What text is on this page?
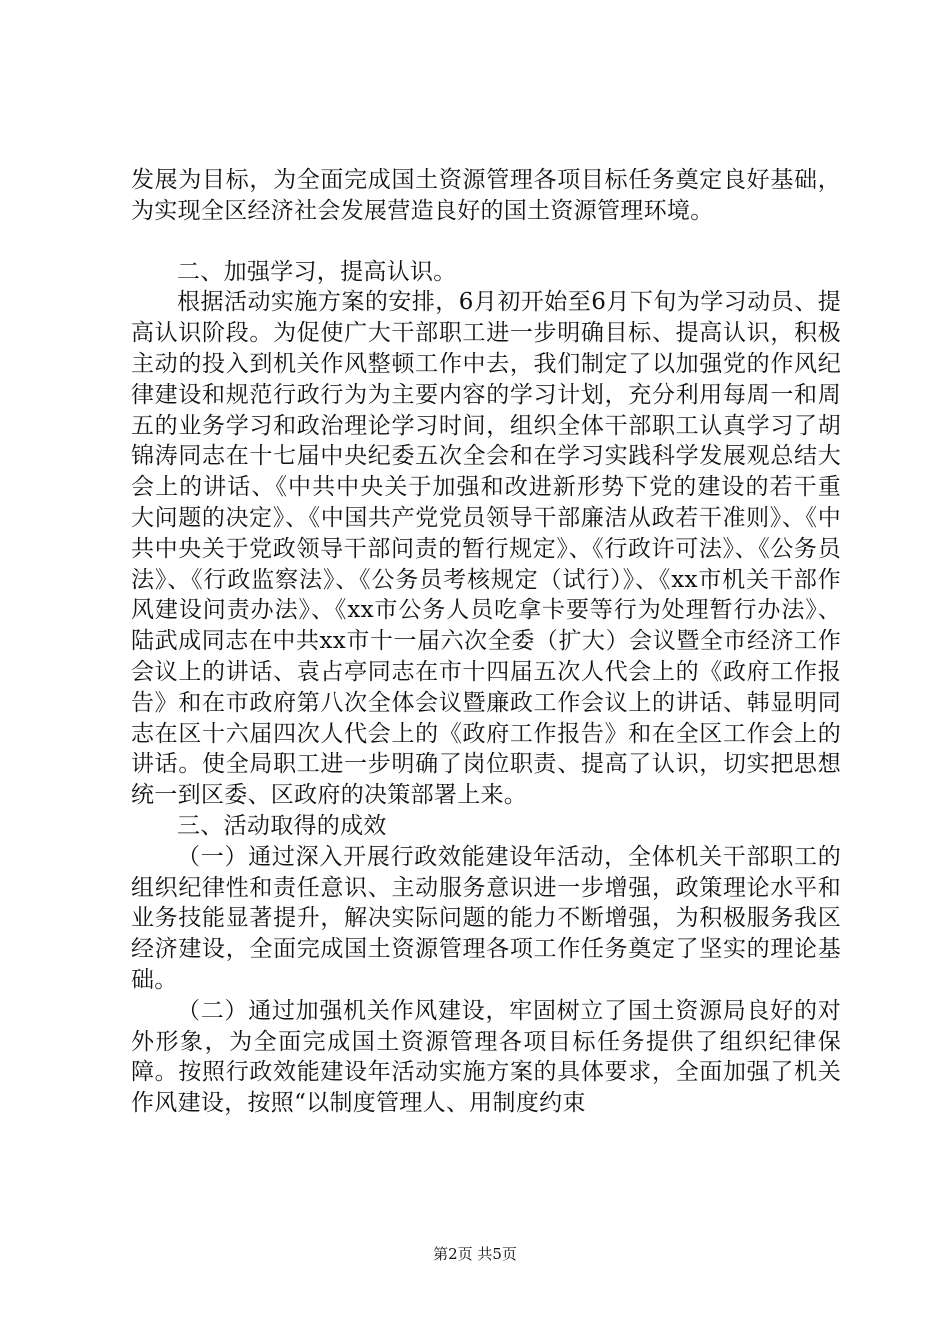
发展为目标，为全面完成国土资源管理各项目标任务奠定良好基础，为实现全区经济社会发展营造良好的国土资源管理环境。

二、加强学习，提高认识。

根据活动实施方案的安排，6月初开始至6月下旬为学习动员、提高认识阶段。为促使广大干部职工进一步明确目标、提高认识，积极主动的投入到机关作风整顿工作中去，我们制定了以加强党的作风纪律建设和规范行政行为为主要内容的学习计划，充分利用每周一和周五的业务学习和政治理论学习时间，组织全体干部职工认真学习了胡锦涛同志在十七届中央纪委五次全会和在学习实践科学发展观总结大会上的讲话、《中共中央关于加强和改进新形势下党的建设的若干重大问题的决定》、《中国共产党党员领导干部廉洁从政若干准则》、《中共中央关于党政领导干部问责的暂行规定》、《行政许可法》、《公务员法》、《行政监察法》、《公务员考核规定（试行）》、《xx市机关干部作风建设问责办法》、《xx市公务人员吃拿卡要等行为处理暂行办法》、陆武成同志在中共xx市十一届六次全委（扩大）会议暨全市经济工作会议上的讲话、袁占亭同志在市十四届五次人代会上的《政府工作报告》和在市政府第八次全体会议暨廉政工作会议上的讲话、韩显明同志在区十六届四次人代会上的《政府工作报告》和在全区工作会上的讲话。使全局职工进一步明确了岗位职责、提高了认识，切实把思想统一到区委、区政府的决策部署上来。

三、活动取得的成效

（一）通过深入开展行政效能建设年活动，全体机关干部职工的组织纪律性和责任意识、主动服务意识进一步增强，政策理论水平和业务技能显著提升，解决实际问题的能力不断增强，为积极服务我区经济建设，全面完成国土资源管理各项工作任务奠定了坚实的理论基础。

（二）通过加强机关作风建设，牢固树立了国土资源局良好的对外形象，为全面完成国土资源管理各项目标任务提供了组织纪律保障。按照行政效能建设年活动实施方案的具体要求，全面加强了机关作风建设，按照“以制度管理人、用制度约束

第2页 共5页
